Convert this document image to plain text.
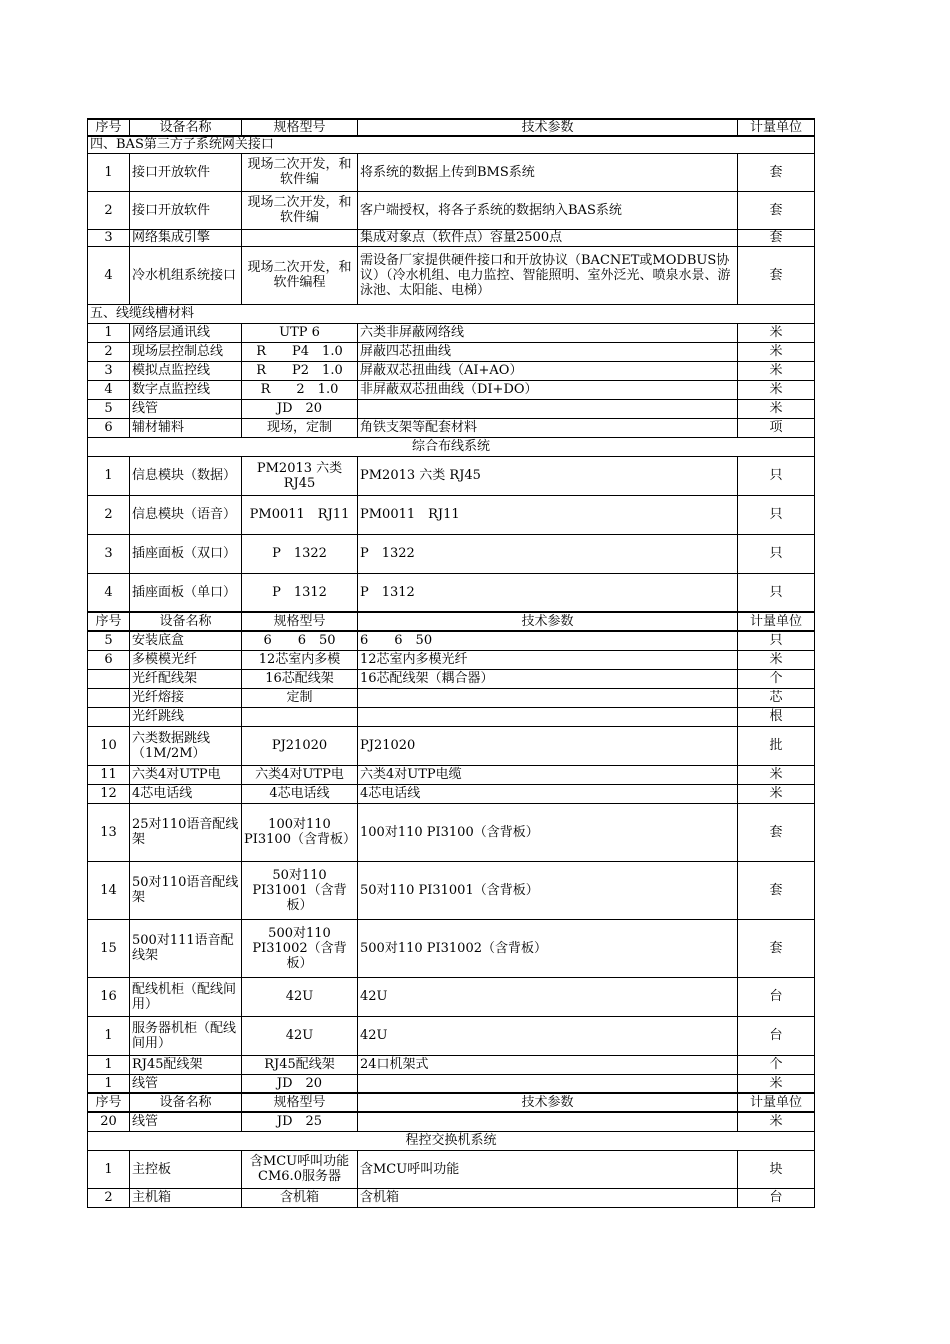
序号	设备名称	规格型号	技术参数	计量单位
四、BAS第三方子系统网关接口				
1	接口开放软件	现场二次开发，和软件编	将系统的数据上传到BMS系统	套
2	接口开放软件	现场二次开发，和软件编	客户端授权，将各子系统的数据纳入BAS系统	套
3	网络集成引擎		集成对象点（软件点）容量2500点	套
4	冷水机组系统接口	现场二次开发，和软件编程	需设备厂家提供硬件接口和开放协议（BACNET或MODBUS协议）（冷水机组、电力监控、智能照明、室外泛光、喷泉水景、游泳池、太阳能、电梯）	套
五、线缆线槽材料				
1	网络层通讯线	UTP 6	六类非屏蔽网络线	米
2	现场层控制总线	R　　P4　1.0	屏蔽四芯扭曲线	米
3	模拟点监控线	R　　P2　1.0	屏蔽双芯扭曲线（AI+AO）	米
4	数字点监控线	R　　2　1.0	非屏蔽双芯扭曲线（DI+DO）	米
5	线管	JD　20		米
6	辅材辅料	现场，定制	角铁支架等配套材料	项
综合布线系统				
1	信息模块（数据）	PM2013 六类 RJ45	PM2013 六类 RJ45	只
2	信息模块（语音）	PM0011　RJ11	PM0011　RJ11	只
3	插座面板（双口）	P　1322	P　1322	只
4	插座面板（单口）	P　1312	P　1312	只
序号	设备名称	规格型号	技术参数	计量单位
5	安装底盒	6　　6　50	6　　6　50	只
6	多模模光纤	12芯室内多模	12芯室内多模光纤	米
	光纤配线架	16芯配线架	16芯配线架（耦合器）	个
	光纤熔接	定制		芯
	光纤跳线			根
10	六类数据跳线（1M/2M）	PJ21020	PJ21020	批
11	六类4对UTP电	六类4对UTP电	六类4对UTP电缆	米
12	4芯电话线	4芯电话线	4芯电话线	米
13	25对110语音配线架	100对110 PI3100（含背板）	100对110 PI3100（含背板）	套
14	50对110语音配线架	50对110 PI31001（含背板）	50对110 PI31001（含背板）	套
15	500对111语音配线架	500对110 PI31002（含背板）	500对110 PI31002（含背板）	套
16	配线机柜（配线间用）	42U	42U	台
1	服务器机柜（配线间用）	42U	42U	台
1	RJ45配线架	RJ45配线架	24口机架式	个
1	线管	JD　20		米
序号	设备名称	规格型号	技术参数	计量单位
20	线管	JD　25		米
程控交换机系统				
1	主控板	含MCU呼叫功能CM6.0服务器	含MCU呼叫功能	块
2	主机箱	含机箱	含机箱	台
